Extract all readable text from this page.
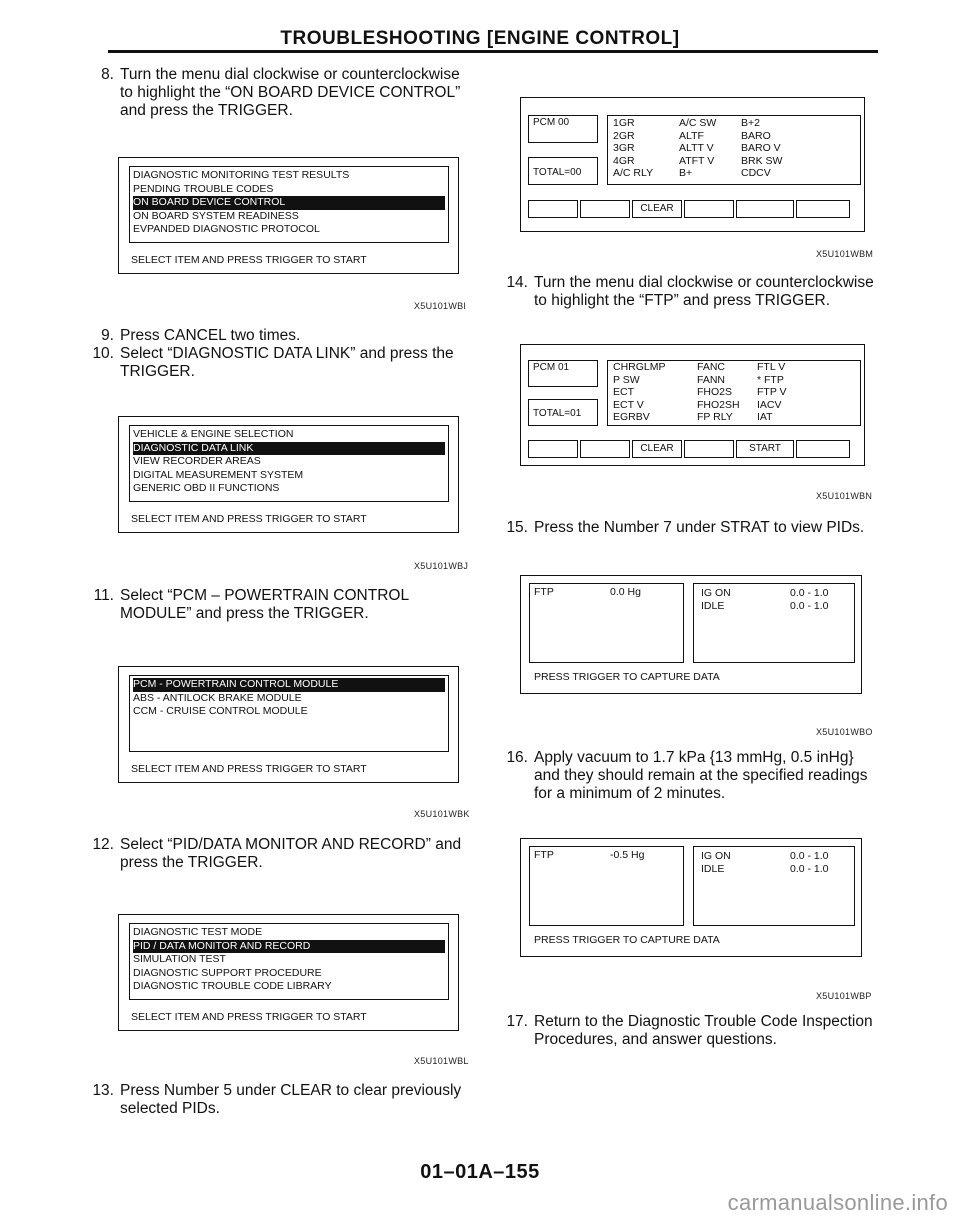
TROUBLESHOOTING [ENGINE CONTROL]
8. Turn the menu dial clockwise or counterclockwise
to highlight the “ON BOARD DEVICE CONTROL”
and press the TRIGGER.
DIAGNOSTIC MONITORING TEST RESULTS
PENDING TROUBLE CODES
ON BOARD DEVICE CONTROL
ON BOARD SYSTEM READINESS
EVPANDED DIAGNOSTIC PROTOCOL
SELECT ITEM AND PRESS TRIGGER TO START
X5U101WBI
9. Press CANCEL two times.
10. Select “DIAGNOSTIC DATA LINK” and press the
TRIGGER.
VEHICLE & ENGINE SELECTION
DIAGNOSTIC DATA LINK
VIEW RECORDER AREAS
DIGITAL MEASUREMENT SYSTEM
GENERIC OBD II FUNCTIONS
SELECT ITEM AND PRESS TRIGGER TO START
X5U101WBJ
11. Select “PCM – POWERTRAIN CONTROL
MODULE” and press the TRIGGER.
PCM - POWERTRAIN CONTROL MODULE
ABS - ANTILOCK BRAKE MODULE
CCM - CRUISE CONTROL MODULE
SELECT ITEM AND PRESS TRIGGER TO START
X5U101WBK
12. Select “PID/DATA MONITOR AND RECORD” and
press the TRIGGER.
DIAGNOSTIC TEST MODE
PID / DATA MONITOR AND RECORD
SIMULATION TEST
DIAGNOSTIC SUPPORT PROCEDURE
DIAGNOSTIC TROUBLE CODE LIBRARY
SELECT ITEM AND PRESS TRIGGER TO START
X5U101WBL
13. Press Number 5 under CLEAR to clear previously
selected PIDs.
PCM 00
TOTAL=00
1GR	A/C SW	B+2
2GR	ALTF	BARO
3GR	ALTT V	BARO V
4GR	ATFT V	BRK SW
A/C RLY	B+	CDCV
CLEAR
X5U101WBM
14. Turn the menu dial clockwise or counterclockwise
to highlight the “FTP” and press TRIGGER.
PCM 01
TOTAL=01
CHRGLMP	FANC	FTL V
P SW	FANN	* FTP
ECT	FHO2S	FTP V
ECT V	FHO2SH	IACV
EGRBV	FP RLY	IAT
CLEAR	START
X5U101WBN
15. Press the Number 7 under STRAT to view PIDs.
FTP	0.0 Hg	IG ON	0.0 - 1.0
IDLE	0.0 - 1.0
PRESS TRIGGER TO CAPTURE DATA
X5U101WBO
16. Apply vacuum to 1.7 kPa {13 mmHg, 0.5 inHg}
and they should remain at the specified readings
for a minimum of 2 minutes.
FTP	-0.5 Hg	IG ON	0.0 - 1.0
IDLE	0.0 - 1.0
PRESS TRIGGER TO CAPTURE DATA
X5U101WBP
17. Return to the Diagnostic Trouble Code Inspection
Procedures, and answer questions.
01–01A–155
carmanualsonline.info
